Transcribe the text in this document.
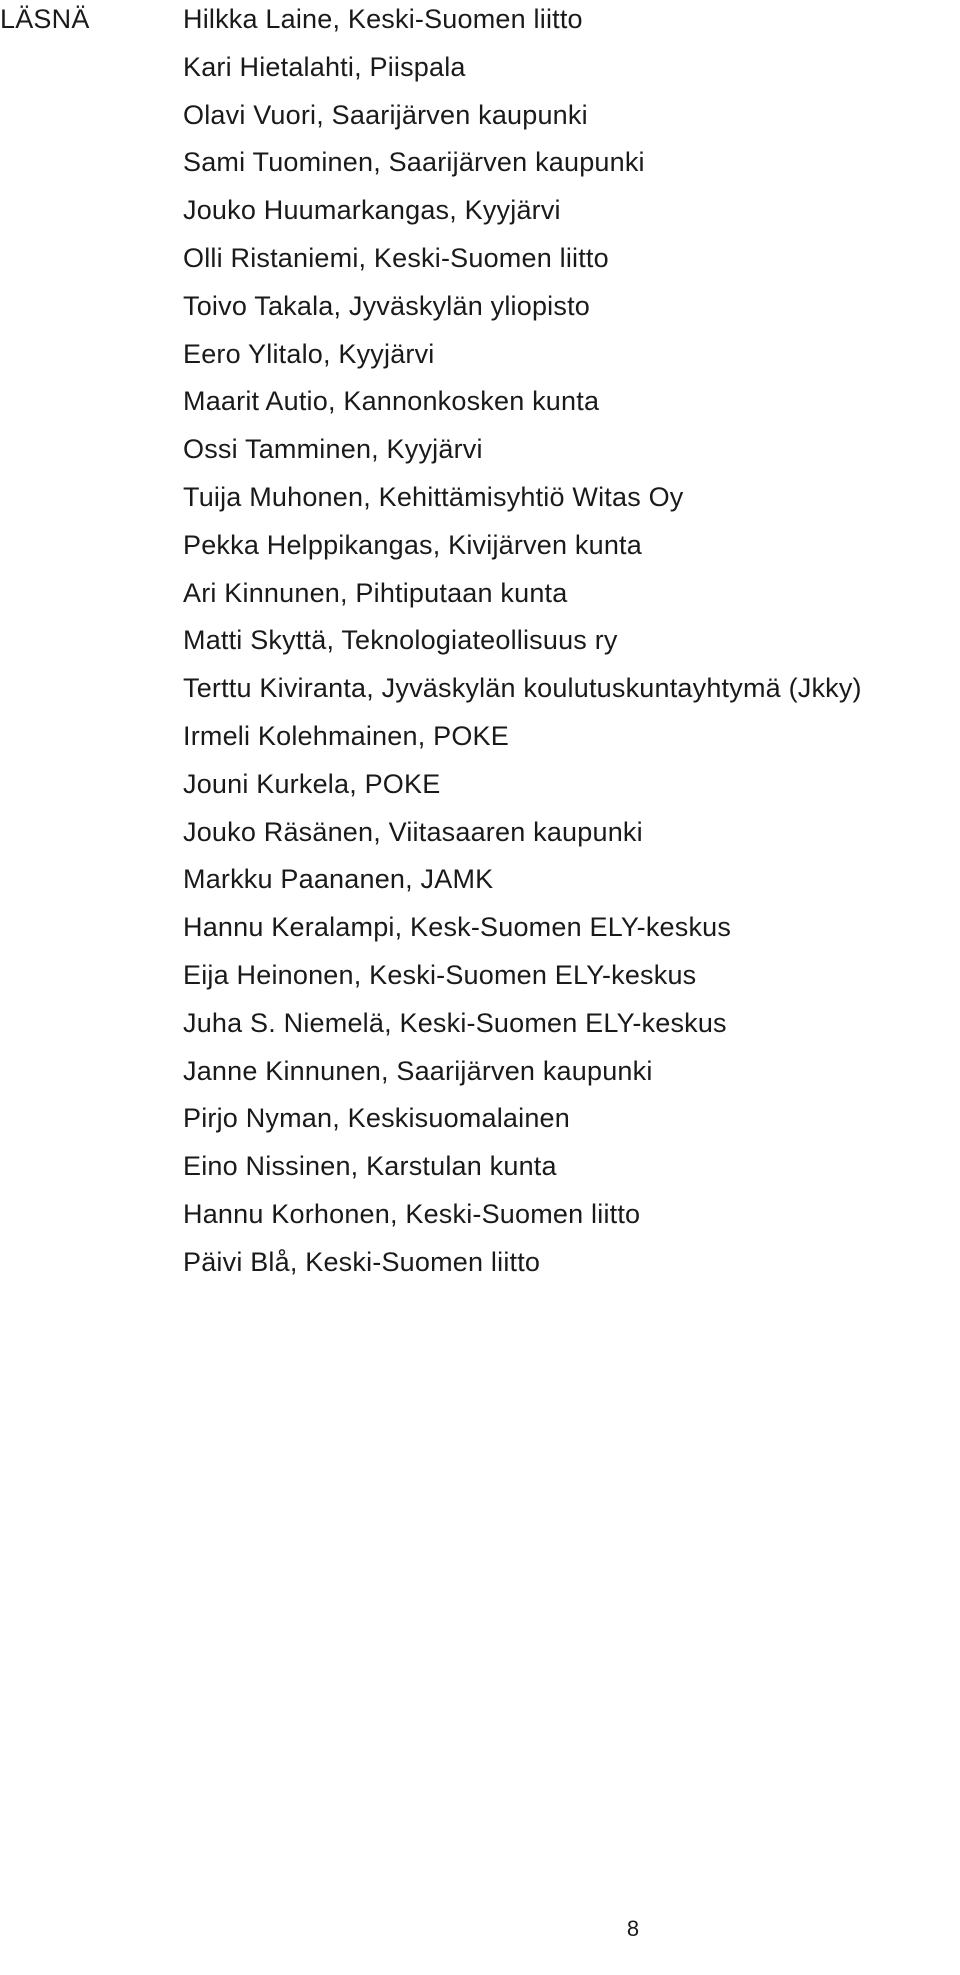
LÄSNÄ	Hilkka Laine, Keski-Suomen liitto
Kari Hietalahti, Piispala
Olavi Vuori, Saarijärven kaupunki
Sami Tuominen, Saarijärven kaupunki
Jouko Huumarkangas, Kyyjärvi
Olli Ristaniemi, Keski-Suomen liitto
Toivo Takala, Jyväskylän yliopisto
Eero Ylitalo, Kyyjärvi
Maarit Autio, Kannonkosken kunta
Ossi Tamminen, Kyyjärvi
Tuija Muhonen, Kehittämisyhtiö Witas Oy
Pekka Helppikangas, Kivijärven kunta
Ari Kinnunen, Pihtiputaan kunta
Matti Skyttä, Teknologiateollisuus ry
Terttu Kiviranta, Jyväskylän koulutuskuntayhtymä (Jkky)
Irmeli Kolehmainen, POKE
Jouni Kurkela, POKE
Jouko Räsänen, Viitasaaren kaupunki
Markku Paananen, JAMK
Hannu Keralampi, Kesk-Suomen ELY-keskus
Eija Heinonen, Keski-Suomen ELY-keskus
Juha S. Niemelä, Keski-Suomen ELY-keskus
Janne Kinnunen, Saarijärven kaupunki
Pirjo Nyman, Keskisuomalainen
Eino Nissinen, Karstulan kunta
Hannu Korhonen, Keski-Suomen liitto
Päivi Blå, Keski-Suomen liitto
8
